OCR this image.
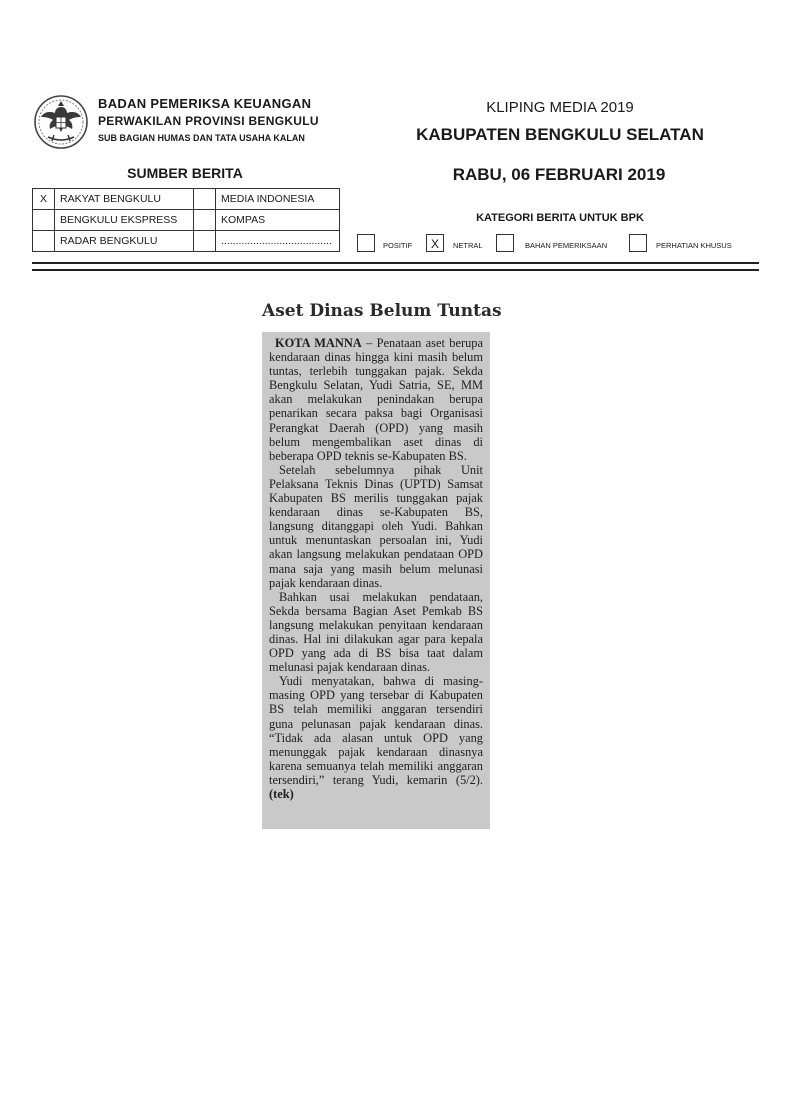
BADAN PEMERIKSA KEUANGAN
PERWAKILAN PROVINSI BENGKULU
SUB BAGIAN HUMAS DAN TATA USAHA KALAN
KLIPING MEDIA 2019
KABUPATEN BENGKULU SELATAN
RABU, 06 FEBRUARI 2019
SUMBER BERITA
X	RAKYAT BENGKULU		MEDIA INDONESIA
	BENGKULU EKSPRESS		KOMPAS
	RADAR BENGKULU		......................................
KATEGORI BERITA UNTUK BPK
POSITIF	X	NETRAL	BAHAN PEMERIKSAAN	PERHATIAN KHUSUS
Aset Dinas Belum Tuntas

KOTA MANNA – Penataan aset berupa kendaraan dinas hingga kini masih belum tuntas, terlebih tunggakan pajak. Sekda Bengkulu Selatan, Yudi Satria, SE, MM akan melakukan penindakan berupa penarikan secara paksa bagi Organisasi Perangkat Daerah (OPD) yang masih belum mengembalikan aset dinas di beberapa OPD teknis se-Kabupaten BS.

Setelah sebelumnya pihak Unit Pelaksana Teknis Dinas (UPTD) Samsat Kabupaten BS merilis tunggakan pajak kendaraan dinas se-Kabupaten BS, langsung ditanggapi oleh Yudi. Bahkan untuk menuntaskan persoalan ini, Yudi akan langsung melakukan pendataan OPD mana saja yang masih belum melunasi pajak kendaraan dinas.

Bahkan usai melakukan pendataan, Sekda bersama Bagian Aset Pemkab BS langsung melakukan penyitaan kendaraan dinas. Hal ini dilakukan agar para kepala OPD yang ada di BS bisa taat dalam melunasi pajak kendaraan dinas.

Yudi menyatakan, bahwa di masing-masing OPD yang tersebar di Kabupaten BS telah memiliki anggaran tersendiri guna pelunasan pajak kendaraan dinas. “Tidak ada alasan untuk OPD yang menunggak pajak kendaraan dinasnya karena semuanya telah memiliki anggaran tersendiri,” terang Yudi, kemarin (5/2). (tek)
